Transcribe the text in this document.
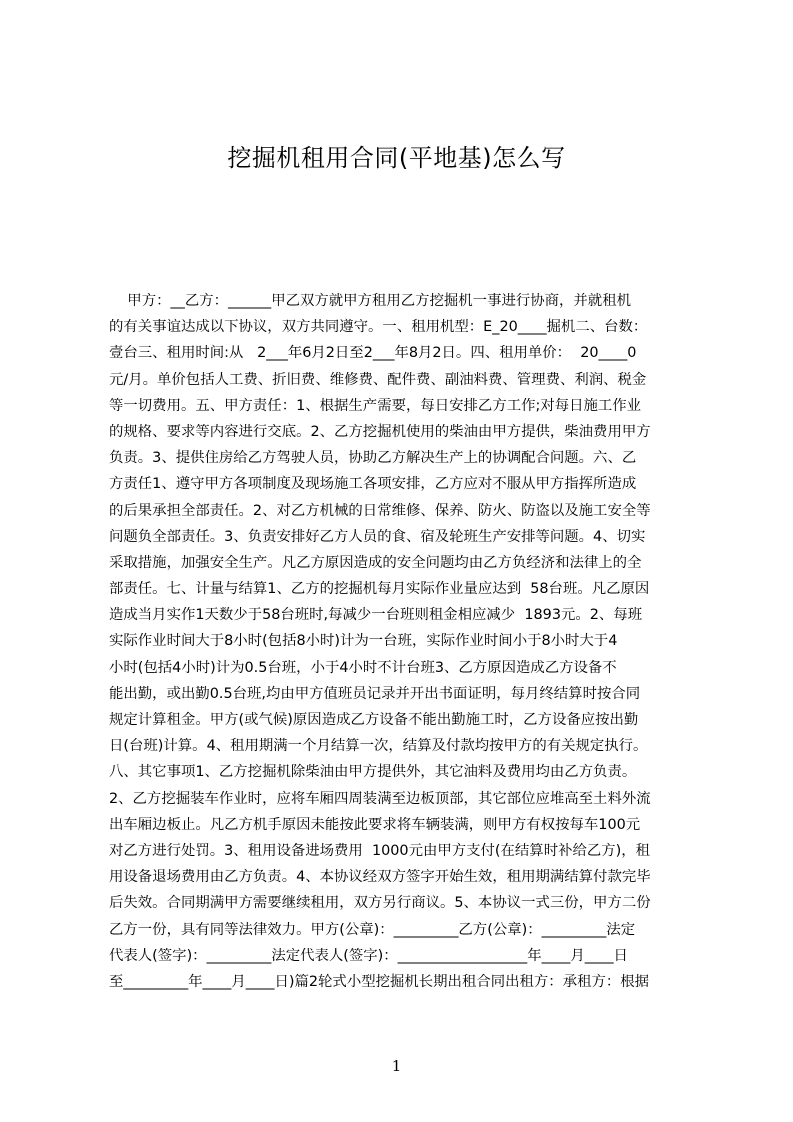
挖掘机租用合同(平地基)怎么写
甲方：__乙方：______甲乙双方就甲方租用乙方挖掘机一事进行协商，并就租机
的有关事谊达成以下协议，双方共同遵守。一、租用机型：E_20____掘机二、台数：
壹台三、租用时间:从   2___年6月2日至2___年8月2日。四、租用单价：  20____0
元/月。单价包括人工费、折旧费、维修费、配件费、副油料费、管理费、利润、税金
等一切费用。五、甲方责任：1、根据生产需要，每日安排乙方工作;对每日施工作业
的规格、要求等内容进行交底。2、乙方挖掘机使用的柴油由甲方提供，柴油费用甲方
负责。3、提供住房给乙方驾驶人员，协助乙方解决生产上的协调配合问题。六、乙
方责任1、遵守甲方各项制度及现场施工各项安排，乙方应对不服从甲方指挥所造成
的后果承担全部责任。2、对乙方机械的日常维修、保养、防火、防盗以及施工安全等
问题负全部责任。3、负责安排好乙方人员的食、宿及轮班生产安排等问题。4、切实
采取措施，加强安全生产。凡乙方原因造成的安全问题均由乙方负经济和法律上的全
部责任。七、计量与结算1、乙方的挖掘机每月实际作业量应达到  58台班。凡乙原因
造成当月实作1天数少于58台班时,每减少一台班则租金相应减少  1893元。2、每班
实际作业时间大于8小时(包括8小时)计为一台班，实际作业时间小于8小时大于4
小时(包括4小时)计为0.5台班，小于4小时不计台班3、乙方原因造成乙方设备不
能出勤，或出勤0.5台班,均由甲方值班员记录并开出书面证明，每月终结算时按合同
规定计算租金。甲方(或气候)原因造成乙方设备不能出勤施工时，乙方设备应按出勤
日(台班)计算。4、租用期满一个月结算一次，结算及付款均按甲方的有关规定执行。
八、其它事项1、乙方挖掘机除柴油由甲方提供外，其它油料及费用均由乙方负责。
2、乙方挖掘装车作业时，应将车厢四周装满至边板顶部，其它部位应堆高至土料外流
出车厢边板止。凡乙方机手原因未能按此要求将车辆装满，则甲方有权按每车100元
对乙方进行处罚。3、租用设备进场费用  1000元由甲方支付(在结算时补给乙方)，租
用设备退场费用由乙方负责。4、本协议经双方签字开始生效，租用期满结算付款完毕
后失效。合同期满甲方需要继续租用，双方另行商议。5、本协议一式三份，甲方二份
乙方一份，具有同等法律效力。甲方(公章)：_________乙方(公章)：_________法定
代表人(签字)：_________法定代表人(签字)：__________________年____月____日
至_________年____月____日)篇2轮式小型挖掘机长期出租合同出租方：承租方：根据
1
